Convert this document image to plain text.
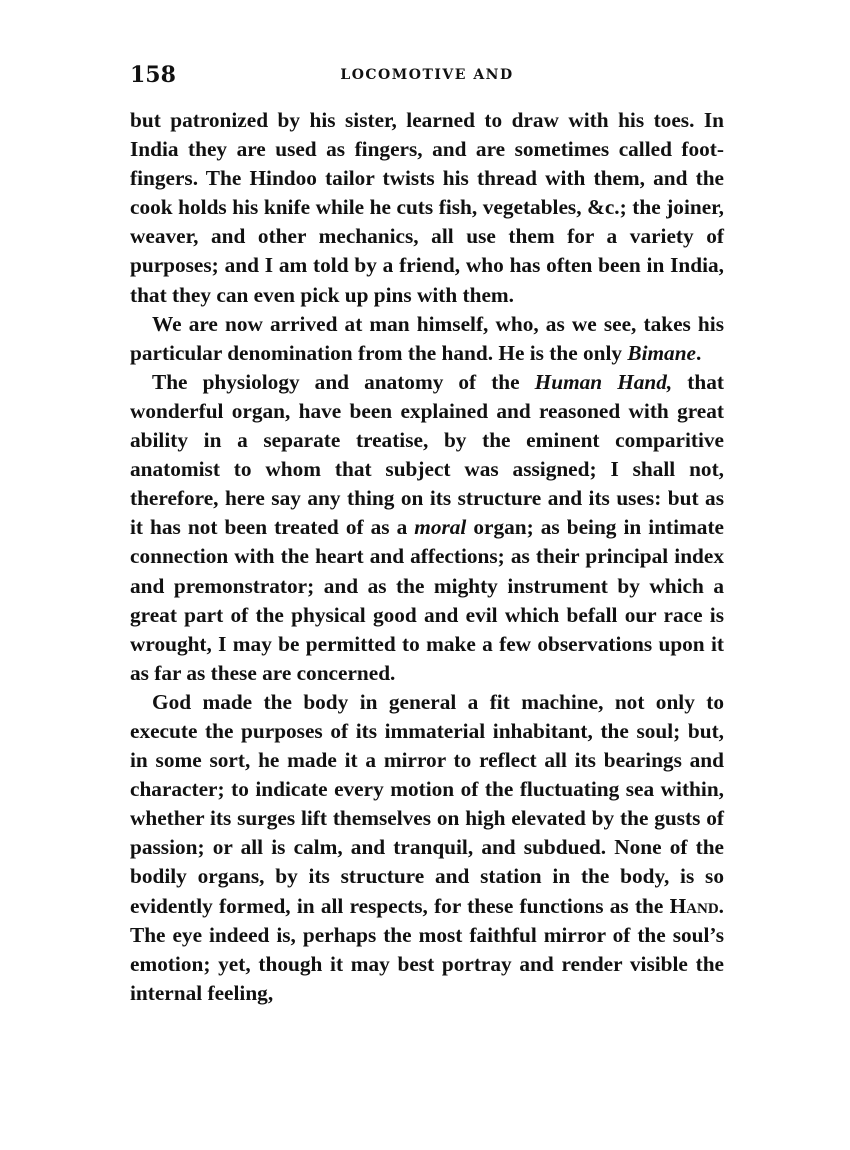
158	LOCOMOTIVE AND

but patronized by his sister, learned to draw with his toes. In India they are used as fingers, and are sometimes called foot-fingers. The Hindoo tailor twists his thread with them, and the cook holds his knife while he cuts fish, vegetables, &c.; the joiner, weaver, and other mechanics, all use them for a variety of purposes; and I am told by a friend, who has often been in India, that they can even pick up pins with them.

We are now arrived at man himself, who, as we see, takes his particular denomination from the hand. He is the only Bimane.

The physiology and anatomy of the Human Hand, that wonderful organ, have been explained and reasoned with great ability in a separate treatise, by the eminent comparitive anatomist to whom that subject was assigned; I shall not, therefore, here say any thing on its structure and its uses: but as it has not been treated of as a moral organ; as being in intimate connection with the heart and affections; as their principal index and premonstrator; and as the mighty instrument by which a great part of the physical good and evil which befall our race is wrought, I may be permitted to make a few observations upon it as far as these are concerned.

God made the body in general a fit machine, not only to execute the purposes of its immaterial inhabitant, the soul; but, in some sort, he made it a mirror to reflect all its bearings and character; to indicate every motion of the fluctuating sea within, whether its surges lift themselves on high elevated by the gusts of passion; or all is calm, and tranquil, and subdued. None of the bodily organs, by its structure and station in the body, is so evidently formed, in all respects, for these functions as the Hand. The eye indeed is, perhaps the most faithful mirror of the soul’s emotion; yet, though it may best portray and render visible the internal feeling,
